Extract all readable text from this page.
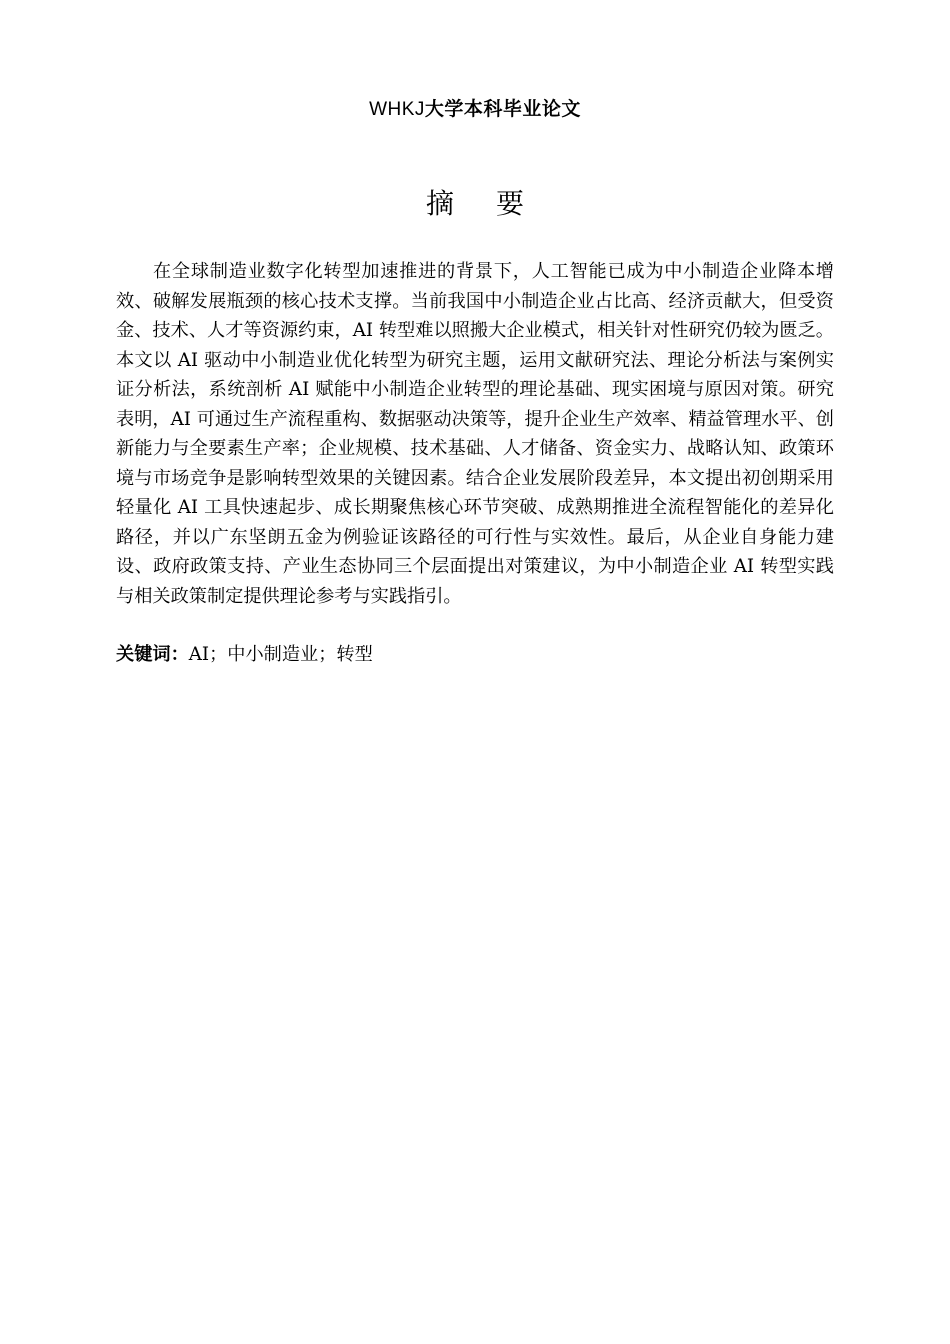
WHKJ大学本科毕业论文
摘要

在全球制造业数字化转型加速推进的背景下，人工智能已成为中小制造企业降本增效、破解发展瓶颈的核心技术支撑。当前我国中小制造企业占比高、经济贡献大，但受资金、技术、人才等资源约束，AI 转型难以照搬大企业模式，相关针对性研究仍较为匮乏。本文以 AI 驱动中小制造业优化转型为研究主题，运用文献研究法、理论分析法与案例实证分析法，系统剖析 AI 赋能中小制造企业转型的理论基础、现实困境与原因对策。研究表明，AI 可通过生产流程重构、数据驱动决策等，提升企业生产效率、精益管理水平、创新能力与全要素生产率；企业规模、技术基础、人才储备、资金实力、战略认知、政策环境与市场竞争是影响转型效果的关键因素。结合企业发展阶段差异，本文提出初创期采用轻量化 AI 工具快速起步、成长期聚焦核心环节突破、成熟期推进全流程智能化的差异化路径，并以广东坚朗五金为例验证该路径的可行性与实效性。最后，从企业自身能力建设、政府政策支持、产业生态协同三个层面提出对策建议，为中小制造企业 AI 转型实践与相关政策制定提供理论参考与实践指引。

关键词：AI；中小制造业；转型
